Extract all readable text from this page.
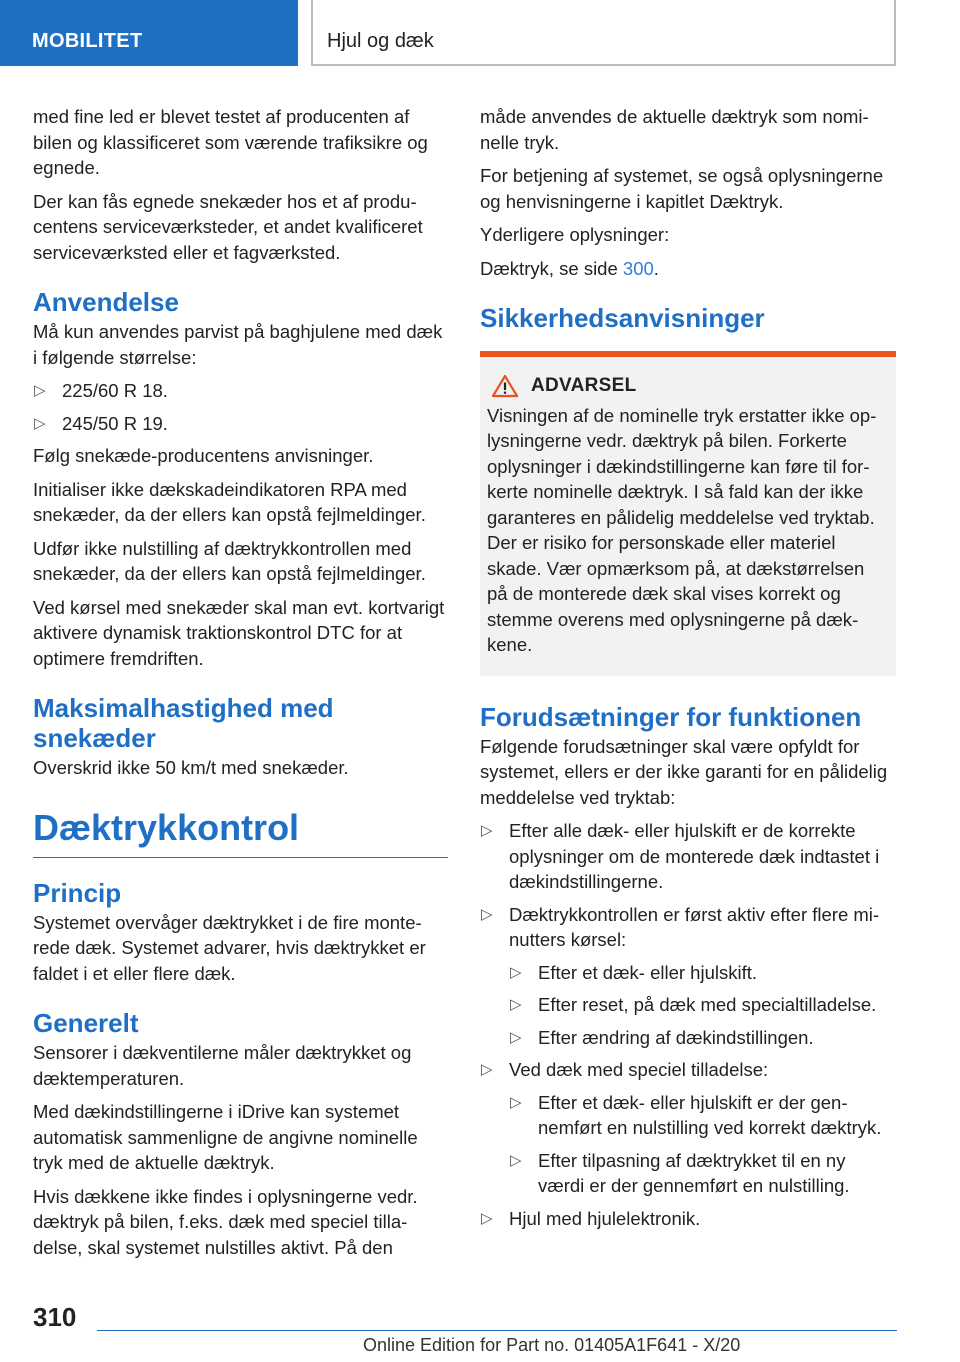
MOBILITET	Hjul og dæk

med fine led er blevet testet af producenten af bilen og klassificeret som værende trafiksikre og egnede.

Der kan fås egnede snekæder hos et af producentens serviceværksteder, et andet kvalificeret serviceværksted eller et fagværksted.

Anvendelse

Må kun anvendes parvist på baghjulene med dæk i følgende størrelse:

▷ 225/60 R 18.
▷ 245/50 R 19.

Følg snekæde-producentens anvisninger.

Initialiser ikke dækskadeindikatoren RPA med snekæder, da der ellers kan opstå fejlmeldinger.

Udfør ikke nulstilling af dæktrykkontrollen med snekæder, da der ellers kan opstå fejlmeldinger.

Ved kørsel med snekæder skal man evt. kortvarigt aktivere dynamisk traktionskontrol DTC for at optimere fremdriften.

Maksimalhastighed med snekæder

Overskrid ikke 50 km/t med snekæder.

Dæktrykkontrol
Princip

Systemet overvåger dæktrykket i de fire monterede dæk. Systemet advarer, hvis dæktrykket er faldet i et eller flere dæk.

Generelt

Sensorer i dækventilerne måler dæktrykket og dæktemperaturen.

Med dækindstillingerne i iDrive kan systemet automatisk sammenligne de angivne nominelle tryk med de aktuelle dæktryk.

Hvis dækkene ikke findes i oplysningerne vedr. dæktryk på bilen, f.eks. dæk med speciel tilladelse, skal systemet nulstilles aktivt. På den

måde anvendes de aktuelle dæktryk som nominelle tryk.

For betjening af systemet, se også oplysningerne og henvisningerne i kapitlet Dæktryk.

Yderligere oplysninger:

Dæktryk, se side 300.

Sikkerhedsanvisninger
ADVARSEL

Visningen af de nominelle tryk erstatter ikke oplysningerne vedr. dæktryk på bilen. Forkerte oplysninger i dækindstillingerne kan føre til forkerte nominelle dæktryk. I så fald kan der ikke garanteres en pålidelig meddelelse ved tryktab. Der er risiko for personskade eller materiel skade. Vær opmærksom på, at dækstørrelsen på de monterede dæk skal vises korrekt og stemme overens med oplysningerne på dækkene.

Forudsætninger for funktionen

Følgende forudsætninger skal være opfyldt for systemet, ellers er der ikke garanti for en pålidelig meddelelse ved tryktab:

▷ Efter alle dæk- eller hjulskift er de korrekte oplysninger om de monterede dæk indtastet i dækindstillingerne.
▷ Dæktrykkontrollen er først aktiv efter flere minutters kørsel:
▷ Efter et dæk- eller hjulskift.
▷ Efter reset, på dæk med specialtilladelse.
▷ Efter ændring af dækindstillingen.
▷ Ved dæk med speciel tilladelse:
▷ Efter et dæk- eller hjulskift er der gennemført en nulstilling ved korrekt dæktryk.
▷ Efter tilpasning af dæktrykket til en ny værdi er der gennemført en nulstilling.
▷ Hjul med hjulelektronik.
310
Online Edition for Part no. 01405A1F641 - X/20
